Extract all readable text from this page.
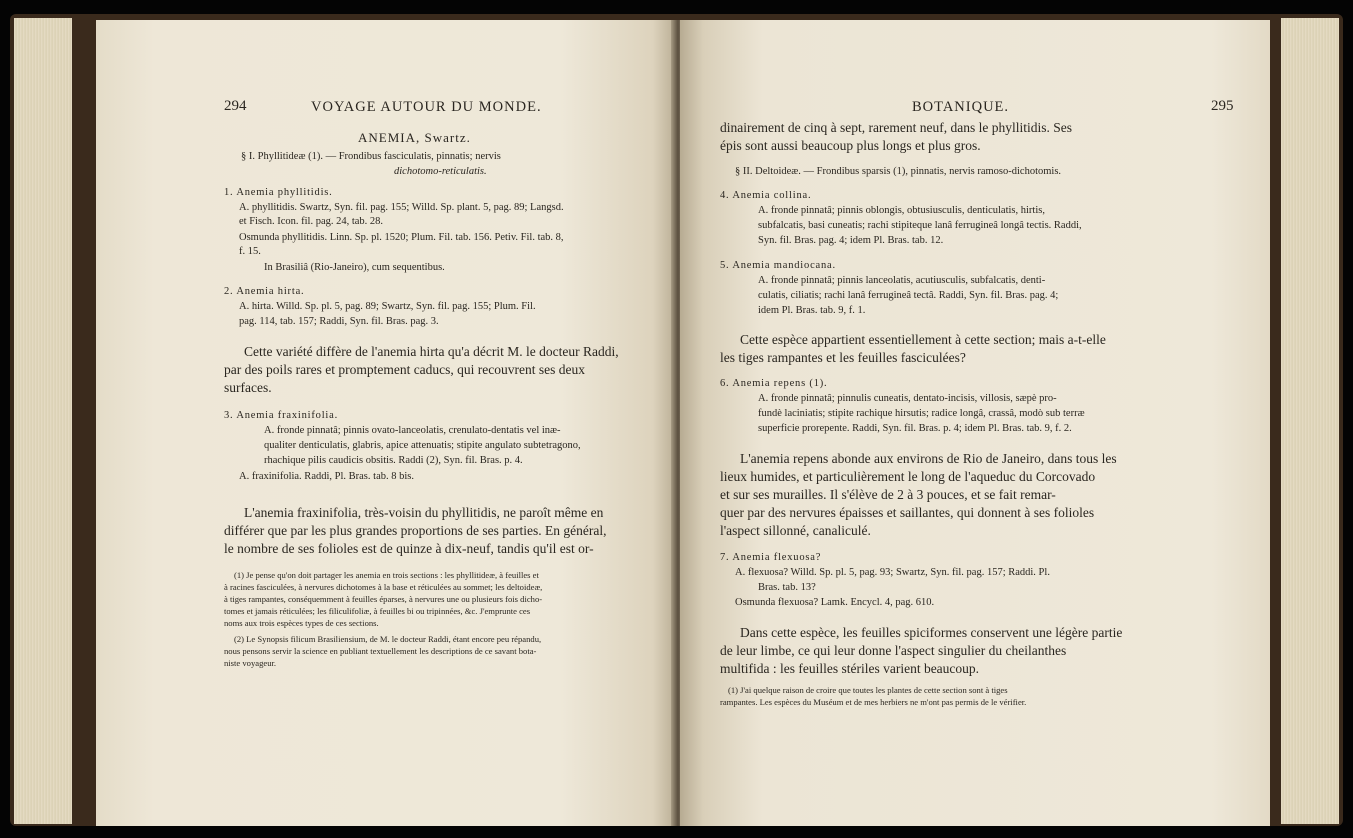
294	VOYAGE AUTOUR DU MONDE.
ANEMIA, Swartz.
§ I. Phyllitideæ (1). — Frondibus fasciculatis, pinnatis; nervis
dichotomo-reticulatis.
1. Anemia phyllitidis.
A. phyllitidis. Swartz, Syn. fil. pag. 155; Willd. Sp. plant. 5, pag. 89; Langsd.
et Fisch. Icon. fil. pag. 24, tab. 28.
Osmunda phyllitidis. Linn. Sp. pl. 1520; Plum. Fil. tab. 156. Petiv. Fil. tab. 8,
f. 15.
In Brasiliâ (Rio-Janeiro), cum sequentibus.
2. Anemia hirta.
A. hirta. Willd. Sp. pl. 5, pag. 89; Swartz, Syn. fil. pag. 155; Plum. Fil.
pag. 114, tab. 157; Raddi, Syn. fil. Bras. pag. 3.
Cette variété diffère de l'anemia hirta qu'a décrit M. le docteur Raddi,
par des poils rares et promptement caducs, qui recouvrent ses deux
surfaces.
3. Anemia fraxinifolia.
A. fronde pinnatâ; pinnis ovato-lanceolatis, crenulato-dentatis vel inæ-
qualiter denticulatis, glabris, apice attenuatis; stipite angulato subtetragono,
rhachique pilis caudicis obsitis. Raddi (2), Syn. fil. Bras. p. 4.
A. fraxinifolia. Raddi, Pl. Bras. tab. 8 bis.
L'anemia fraxinifolia, très-voisin du phyllitidis, ne paroît même en
différer que par les plus grandes proportions de ses parties. En général,
le nombre de ses folioles est de quinze à dix-neuf, tandis qu'il est or-
(1) Je pense qu'on doit partager les anemia en trois sections : les phyllitideæ, à feuilles et
à racines fasciculées, à nervures dichotomes à la base et réticulées au sommet; les deltoideæ,
à tiges rampantes, conséquemment à feuilles éparses, à nervures une ou plusieurs fois dicho-
tomes et jamais réticulées; les filiculifoliæ, à feuilles bi ou tripinnées, &c. J'emprunte ces
noms aux trois espèces types de ces sections.
(2) Le Synopsis filicum Brasiliensium, de M. le docteur Raddi, étant encore peu répandu,
nous pensons servir la science en publiant textuellement les descriptions de ce savant bota-
niste voyageur.
BOTANIQUE.	295
dinairement de cinq à sept, rarement neuf, dans le phyllitidis. Ses
épis sont aussi beaucoup plus longs et plus gros.
§ II. Deltoideæ. — Frondibus sparsis (1), pinnatis, nervis ramoso-dichotomis.
4. Anemia collina.
A. fronde pinnatâ; pinnis oblongis, obtusiusculis, denticulatis, hirtis,
subfalcatis, basi cuneatis; rachi stipiteque lanâ ferrugineâ longâ tectis. Raddi,
Syn. fil. Bras. pag. 4; idem Pl. Bras. tab. 12.
5. Anemia mandiocana.
A. fronde pinnatâ; pinnis lanceolatis, acutiusculis, subfalcatis, denti-
culatis, ciliatis; rachi lanâ ferrugineâ tectâ. Raddi, Syn. fil. Bras. pag. 4;
idem Pl. Bras. tab. 9, f. 1.
Cette espèce appartient essentiellement à cette section; mais a-t-elle
les tiges rampantes et les feuilles fasciculées?
6. Anemia repens (1).
A. fronde pinnatâ; pinnulis cuneatis, dentato-incisis, villosis, sæpè pro-
fundè laciniatis; stipite rachique hirsutis; radice longâ, crassâ, modò sub terræ
superficie prorepente. Raddi, Syn. fil. Bras. p. 4; idem Pl. Bras. tab. 9, f. 2.
L'anemia repens abonde aux environs de Rio de Janeiro, dans tous les
lieux humides, et particulièrement le long de l'aqueduc du Corcovado
et sur ses murailles. Il s'élève de 2 à 3 pouces, et se fait remar-
quer par des nervures épaisses et saillantes, qui donnent à ses folioles
l'aspect sillonné, canaliculé.
7. Anemia flexuosa?
A. flexuosa? Willd. Sp. pl. 5, pag. 93; Swartz, Syn. fil. pag. 157; Raddi. Pl.
Bras. tab. 13?
Osmunda flexuosa? Lamk. Encycl. 4, pag. 610.
Dans cette espèce, les feuilles spiciformes conservent une légère partie
de leur limbe, ce qui leur donne l'aspect singulier du cheilanthes
multifida : les feuilles stériles varient beaucoup.
(1) J'ai quelque raison de croire que toutes les plantes de cette section sont à tiges
rampantes. Les espèces du Muséum et de mes herbiers ne m'ont pas permis de le vérifier.
